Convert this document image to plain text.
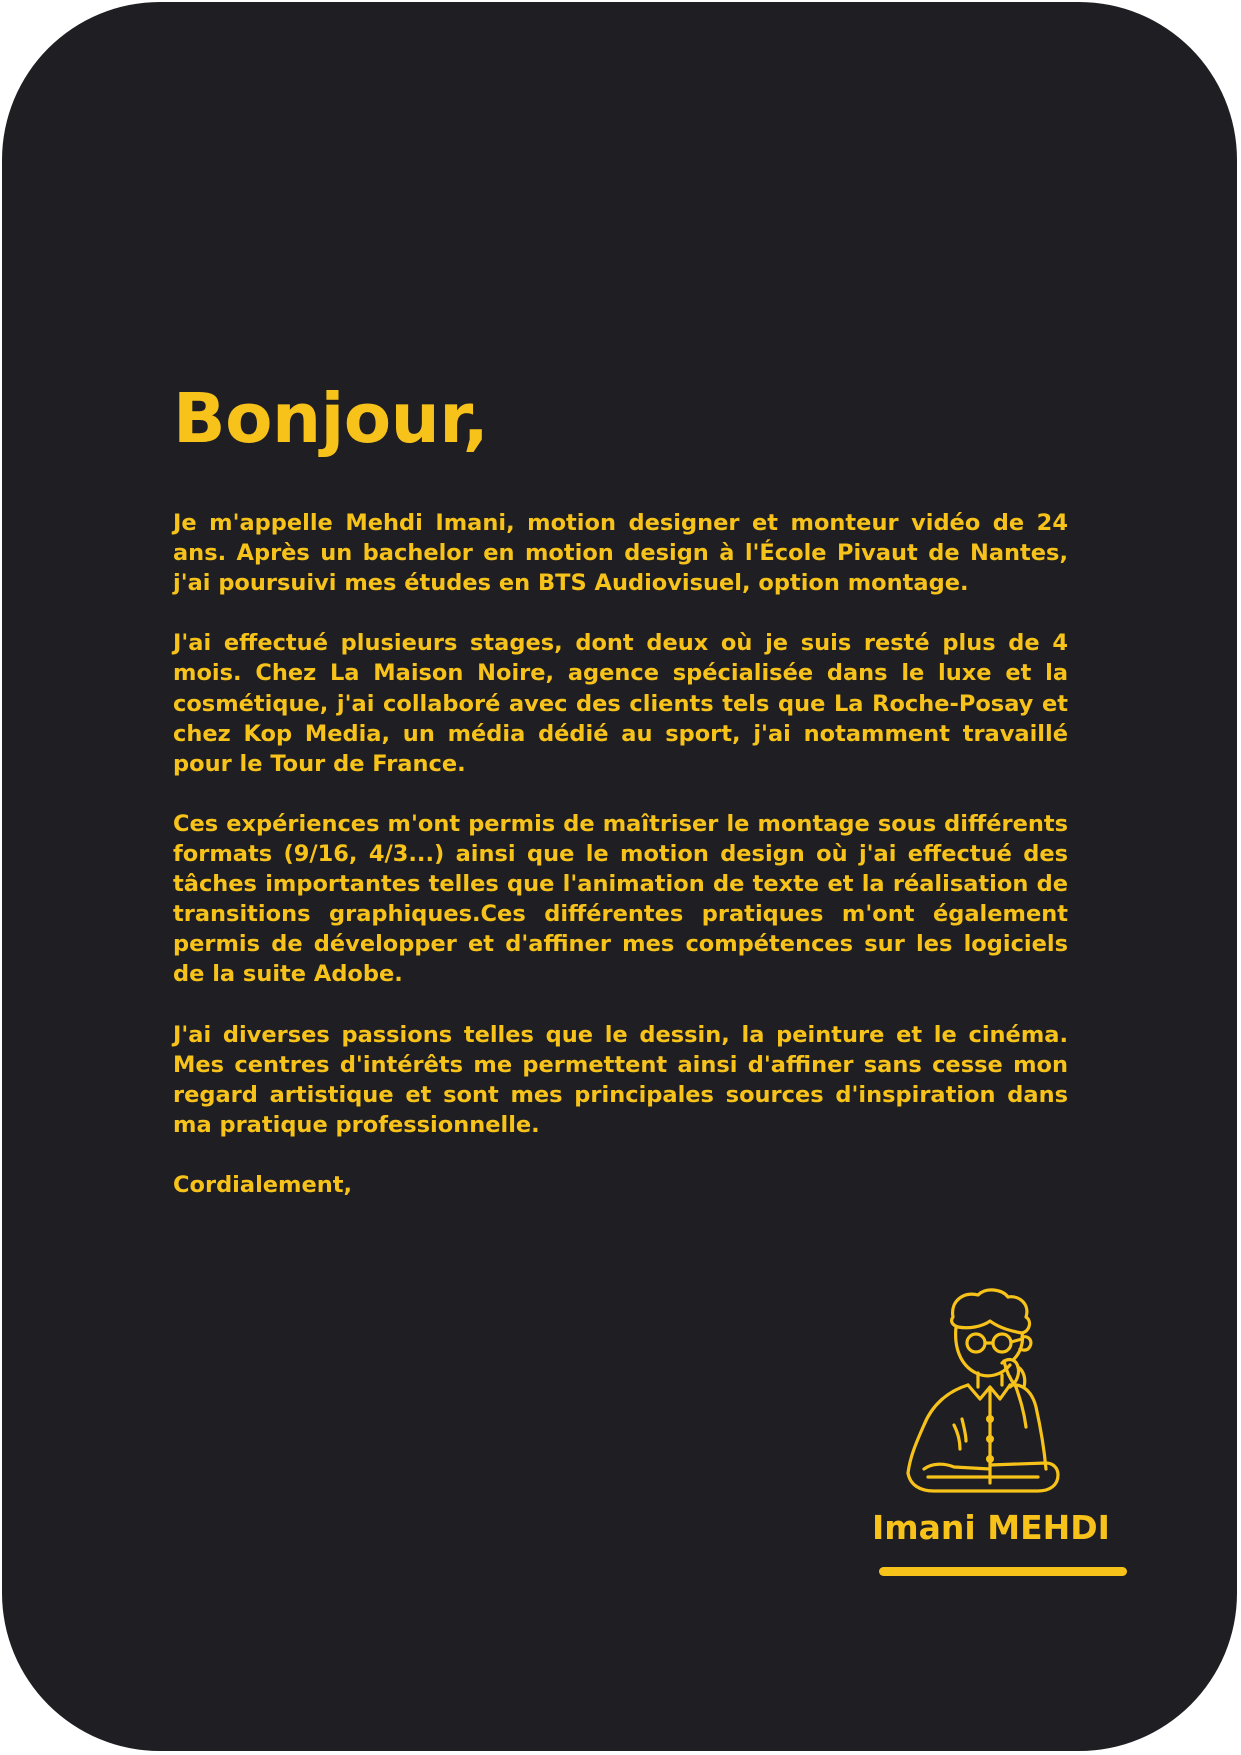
Bonjour,

Je m'appelle Mehdi Imani, motion designer et monteur vidéo de 24 ans. Après un bachelor en motion design à l'École Pivaut de Nantes, j'ai poursuivi mes études en BTS Audiovisuel, option montage.

J'ai effectué plusieurs stages, dont deux où je suis resté plus de 4 mois. Chez La Maison Noire, agence spécialisée dans le luxe et la cosmétique, j'ai collaboré avec des clients tels que La Roche-Posay et chez Kop Media, un média dédié au sport, j'ai notamment travaillé pour le Tour de France.

Ces expériences m'ont permis de maîtriser le montage sous différents formats (9/16, 4/3...) ainsi que le motion design où j'ai effectué des tâches importantes telles que l'animation de texte et la réalisation de transitions graphiques.Ces différentes pratiques m'ont également permis de développer et d'affiner mes compétences sur les logiciels de la suite Adobe.

J'ai diverses passions telles que le dessin, la peinture et le cinéma. Mes centres d'intérêts me permettent ainsi d'affiner sans cesse mon regard artistique et sont mes principales sources d'inspiration dans ma pratique professionnelle.

Cordialement,

Imani MEHDI
